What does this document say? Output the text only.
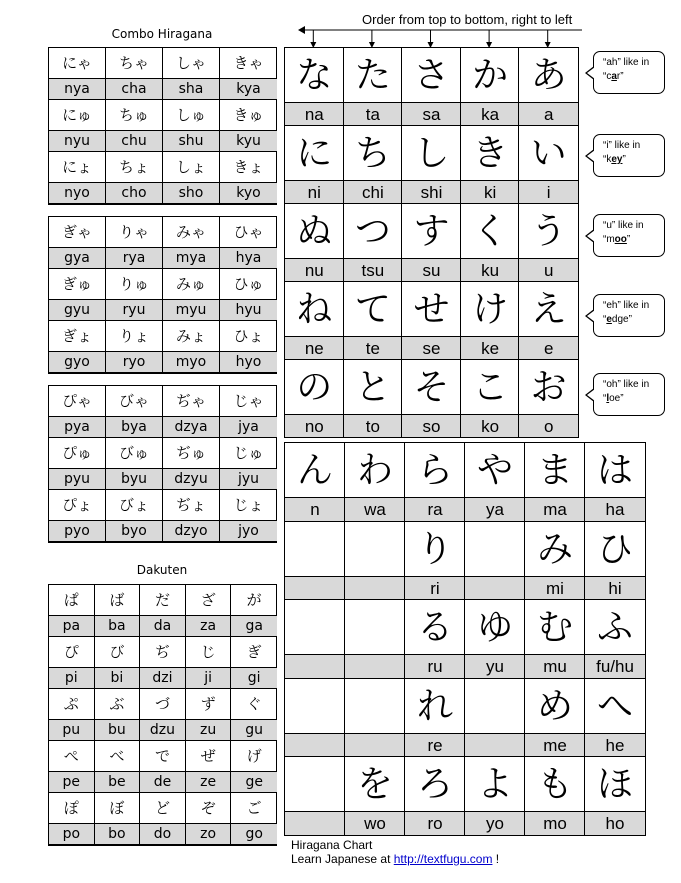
Combo Hiragana
Dakuten
Order from top to bottom, right to left
にゃ
nya
ちゃ
cha
しゃ
sha
きゃ
kya
にゅ
nyu
ちゅ
chu
しゅ
shu
きゅ
kyu
にょ
nyo
ちょ
cho
しょ
sho
きょ
kyo
ぎゃ
gya
りゃ
rya
みゃ
mya
ひゃ
hya
ぎゅ
gyu
りゅ
ryu
みゅ
myu
ひゅ
hyu
ぎょ
gyo
りょ
ryo
みょ
myo
ひょ
hyo
ぴゃ
pya
びゃ
bya
ぢゃ
dzya
じゃ
jya
ぴゅ
pyu
びゅ
byu
ぢゅ
dzyu
じゅ
jyu
ぴょ
pyo
びょ
byo
ぢょ
dzyo
じょ
jyo
ぱ
pa
ば
ba
だ
da
ざ
za
が
ga
ぴ
pi
び
bi
ぢ
dzi
じ
ji
ぎ
gi
ぷ
pu
ぶ
bu
づ
dzu
ず
zu
ぐ
gu
ぺ
pe
べ
be
で
de
ぜ
ze
げ
ge
ぽ
po
ぼ
bo
ど
do
ぞ
zo
ご
go
な
na
た
ta
さ
sa
か
ka
あ
a
に
ni
ち
chi
し
shi
き
ki
い
i
ぬ
nu
つ
tsu
す
su
く
ku
う
u
ね
ne
て
te
せ
se
け
ke
え
e
の
no
と
to
そ
so
こ
ko
お
o
ん
n
わ
wa
ら
ra
や
ya
ま
ma
は
ha
り
ri
み
mi
ひ
hi
る
ru
ゆ
yu
む
mu
ふ
fu/hu
れ
re
め
me
へ
he
を
wo
ろ
ro
よ
yo
も
mo
ほ
ho
“ah” like in
“car”
“i” like in
“key”
“u” like in
“moo”
“eh” like in
“edge”
“oh” like in
“loe”
Hiragana Chart
Learn Japanese at http://textfugu.com !
